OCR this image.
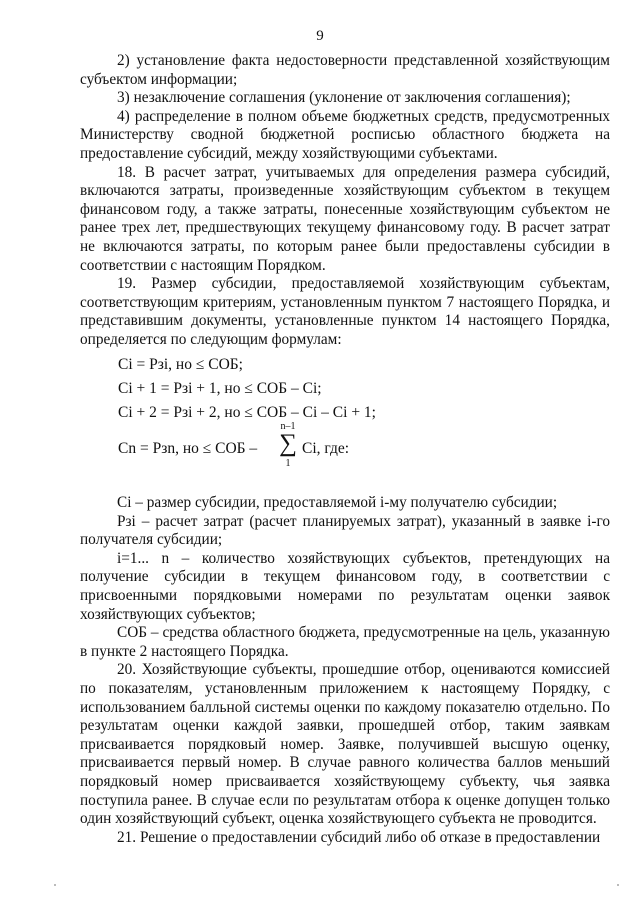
9

2) установление факта недостоверности представленной хозяйствующим субъектом информации;

3) незаключение соглашения (уклонение от заключения соглашения);

4) распределение в полном объеме бюджетных средств, предусмотренных Министерству сводной бюджетной росписью областного бюджета на предоставление субсидий, между хозяйствующими субъектами.

18. В расчет затрат, учитываемых для определения размера субсидий, включаются затраты, произведенные хозяйствующим субъектом в текущем финансовом году, а также затраты, понесенные хозяйствующим субъектом не ранее трех лет, предшествующих текущему финансовому году. В расчет затрат не включаются затраты, по которым ранее были предоставлены субсидии в соответствии с настоящим Порядком.

19. Размер субсидии, предоставляемой хозяйствующим субъектам, соответствующим критериям, установленным пунктом 7 настоящего Порядка, и представившим документы, установленные пунктом 14 настоящего Порядка, определяется по следующим формулам:

Ci = Pзi, но ≤ СОБ;
Ci + 1 = Pзi + 1, но ≤ СОБ – Ci;
Ci + 2 = Pзi + 2, но ≤ СОБ – Ci – Ci + 1;
Cn = Pзn, но ≤ СОБ –
n–1
∑
1
Ci, где:

Ci – размер субсидии, предоставляемой i-му получателю субсидии;

Pзi – расчет затрат (расчет планируемых затрат), указанный в заявке i-го получателя субсидии;

i=1... n – количество хозяйствующих субъектов, претендующих на получение субсидии в текущем финансовом году, в соответствии с присвоенными порядковыми номерами по результатам оценки заявок хозяйствующих субъектов;

СОБ – средства областного бюджета, предусмотренные на цель, указанную в пункте 2 настоящего Порядка.

20. Хозяйствующие субъекты, прошедшие отбор, оцениваются комиссией по показателям, установленным приложением к настоящему Порядку, с использованием балльной системы оценки по каждому показателю отдельно. По результатам оценки каждой заявки, прошедшей отбор, таким заявкам присваивается порядковый номер. Заявке, получившей высшую оценку, присваивается первый номер. В случае равного количества баллов меньший порядковый номер присваивается хозяйствующему субъекту, чья заявка поступила ранее. В случае если по результатам отбора к оценке допущен только один хозяйствующий субъект, оценка хозяйствующего субъекта не проводится.

21. Решение о предоставлении субсидий либо об отказе в предоставлении
